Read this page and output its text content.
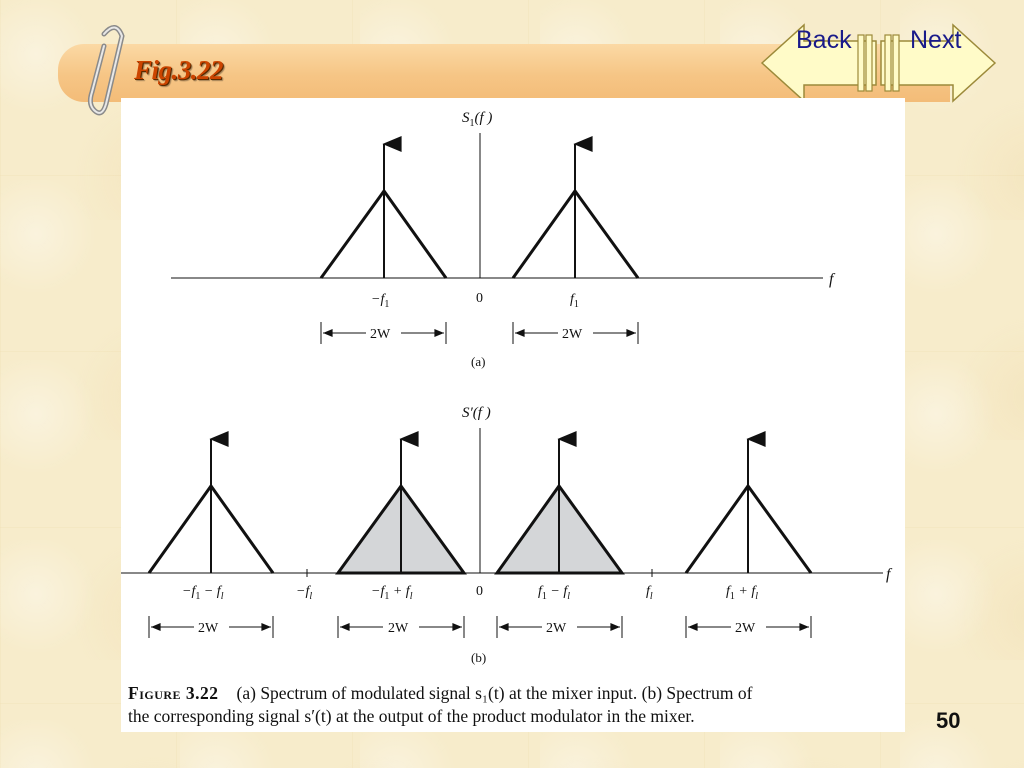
Fig.3.22
Back Next
$S_1(f$ )
f
0
$-f_1$	$f_1$
2W	2W
(a)
S′(f )
f
0
$-f_1 - f_l$	$-f_l$	$-f_1 + f_l$	$f_1 - f_l$	$f_l$	$f_1 + f_l$
2W	2W	2W	2W
(b)
Figure 3.22 (a) Spectrum of modulated signal s₁(t) at the mixer input. (b) Spectrum of
the corresponding signal s′(t) at the output of the product modulator in the mixer.	50
